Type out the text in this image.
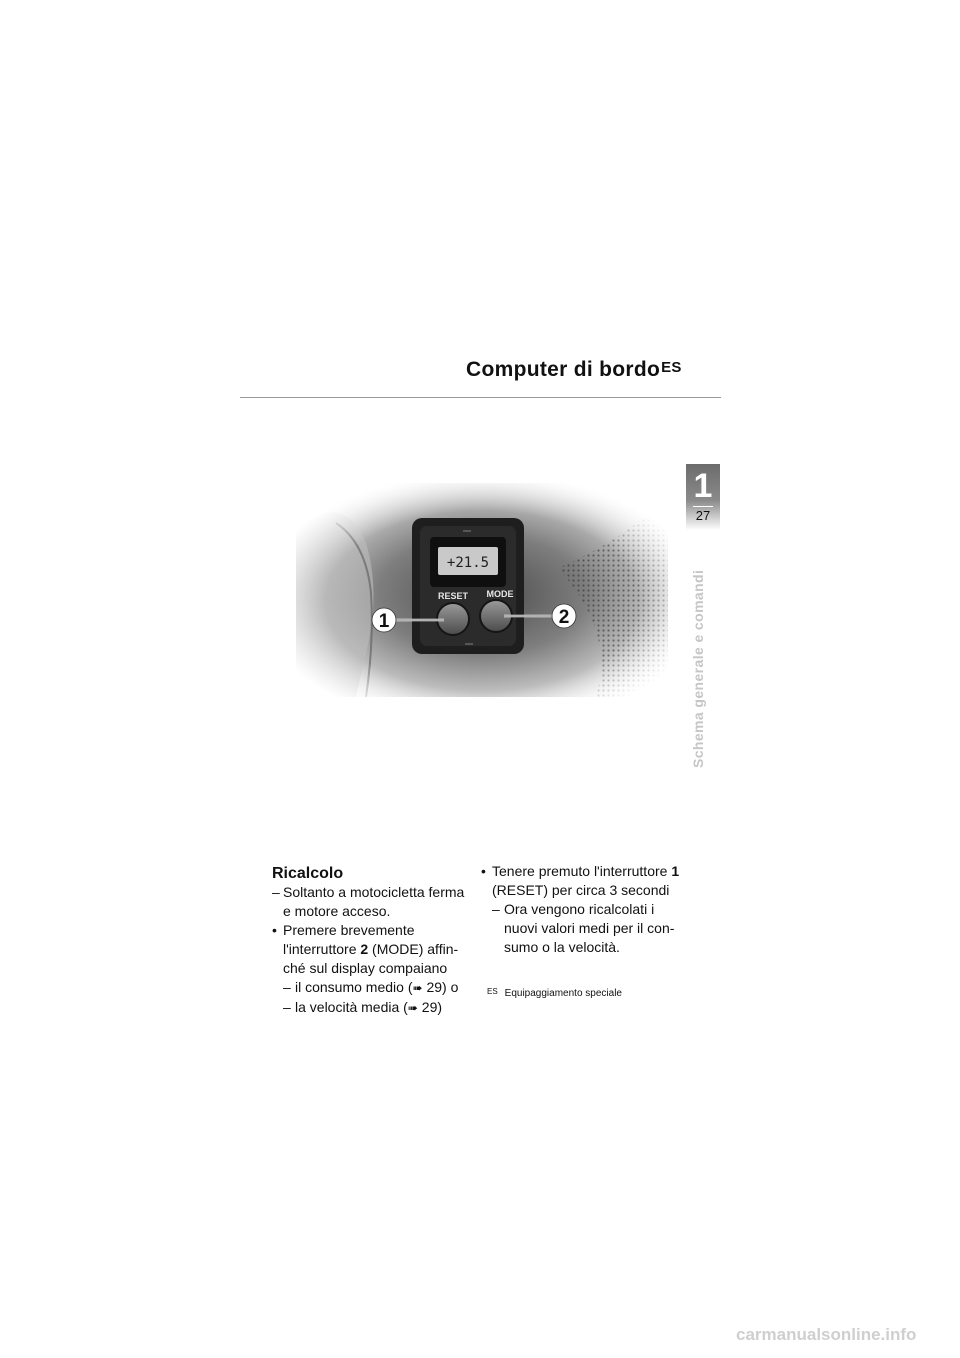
Computer di bordo$^{ES}$
1
27
Schema generale e comandi
1	2
Ricalcolo
– Soltanto a motocicletta ferma e motore acceso.
• Premere brevemente l'interruttore 2 (MODE) affin-ché sul display compaiano
– il consumo medio (➠ 29) o
– la velocità media (➠ 29)
• Tenere premuto l'interruttore 1 (RESET) per circa 3 secondi
– Ora vengono ricalcolati i nuovi valori medi per il con-sumo o la velocità.
$^{ES}$ Equipaggiamento speciale
carmanualsonline.info
